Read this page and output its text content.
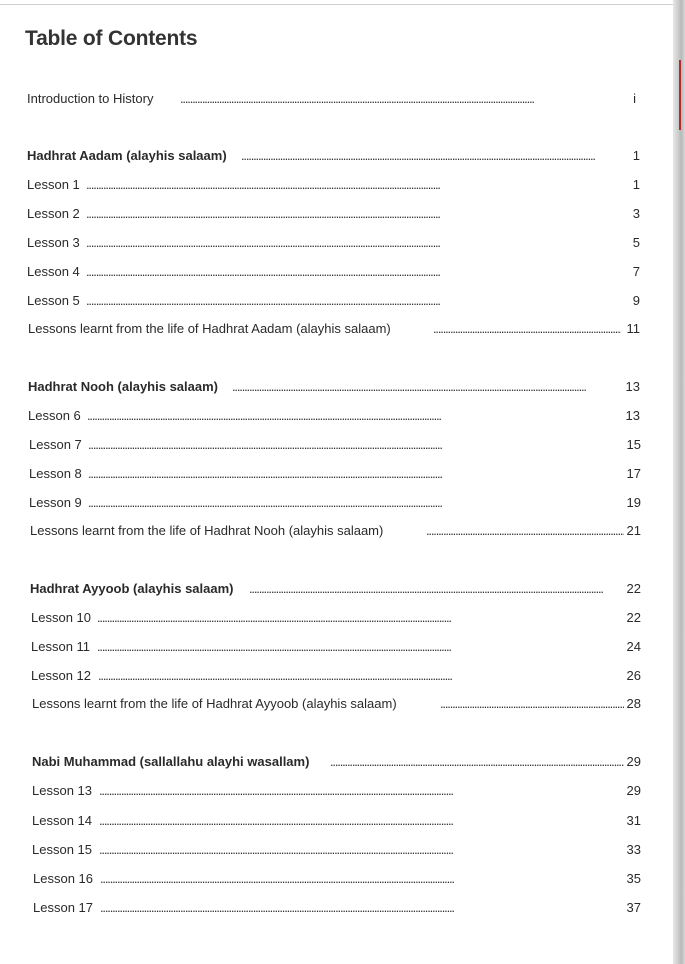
Table of Contents
Introduction to History . . .	i
Hadhrat Aadam (alayhis salaam) . . .	1
Lesson 1 . . .	1
Lesson 2 . . .	3
Lesson 3 . . .	5
Lesson 4 . . .	7
Lesson 5 . . .	9
Lessons learnt from the life of Hadhrat Aadam (alayhis salaam) . . .	11
Hadhrat Nooh (alayhis salaam) . . .	13
Lesson 6 . . .	13
Lesson 7 . . .	15
Lesson 8 . . .	17
Lesson 9 . . .	19
Lessons learnt from the life of Hadhrat Nooh (alayhis salaam) . . .	21
Hadhrat Ayyoob (alayhis salaam) . . .	22
Lesson 10 . . .	22
Lesson 11 . . .	24
Lesson 12 . . .	26
Lessons learnt from the life of Hadhrat Ayyoob (alayhis salaam) . . .	28
Nabi Muhammad (sallallahu alayhi wasallam) . . .	29
Lesson 13 . . .	29
Lesson 14 . . .	31
Lesson 15 . . .	33
Lesson 16 . . .	35
Lesson 17 . . .	37
